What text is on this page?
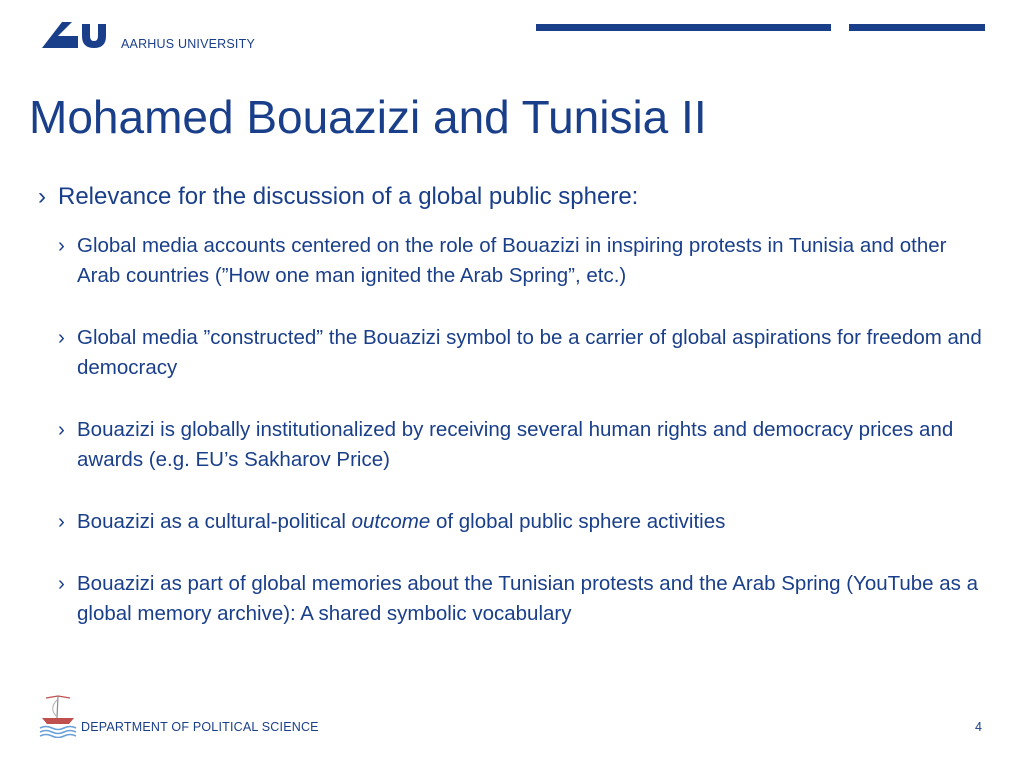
AARHUS UNIVERSITY
Mohamed Bouazizi and Tunisia II
› Relevance for the discussion of a global public sphere:
› Global media accounts centered on the role of Bouazizi in inspiring protests in Tunisia and other Arab countries (”How one man ignited the Arab Spring”, etc.)
› Global media ”constructed” the Bouazizi symbol to be a carrier of global aspirations for freedom and democracy
› Bouazizi is globally institutionalized by receiving several human rights and democracy prices and awards (e.g. EU’s Sakharov Price)
› Bouazizi as a cultural-political outcome of global public sphere activities
› Bouazizi as part of global memories about the Tunisian protests and the Arab Spring (YouTube as a global memory archive): A shared symbolic vocabulary
DEPARTMENT OF POLITICAL SCIENCE	4
